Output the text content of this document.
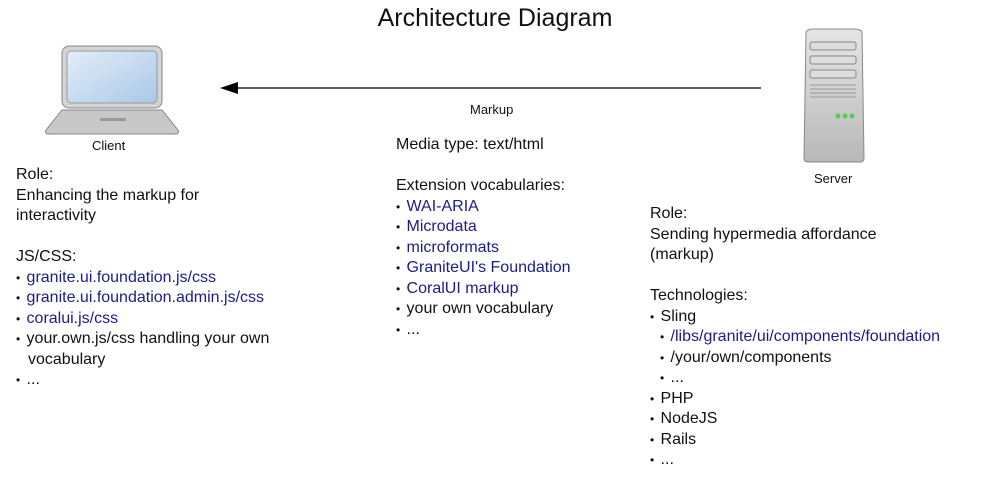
Architecture Diagram
Client
Markup
Server
Role:
Enhancing the markup for
interactivity

JS/CSS:
• granite.ui.foundation.js/css
• granite.ui.foundation.admin.js/css
• coralui.js/css
• your.own.js/css handling your own
vocabulary
• ...
Media type: text/html

Extension vocabularies:
• WAI-ARIA
• Microdata
• microformats
• GraniteUI's Foundation
• CoralUI markup
• your own vocabulary
• ...
Role:
Sending hypermedia affordance
(markup)

Technologies:
• Sling
• /libs/granite/ui/components/foundation
• /your/own/components
• ...
• PHP
• NodeJS
• Rails
• ...
